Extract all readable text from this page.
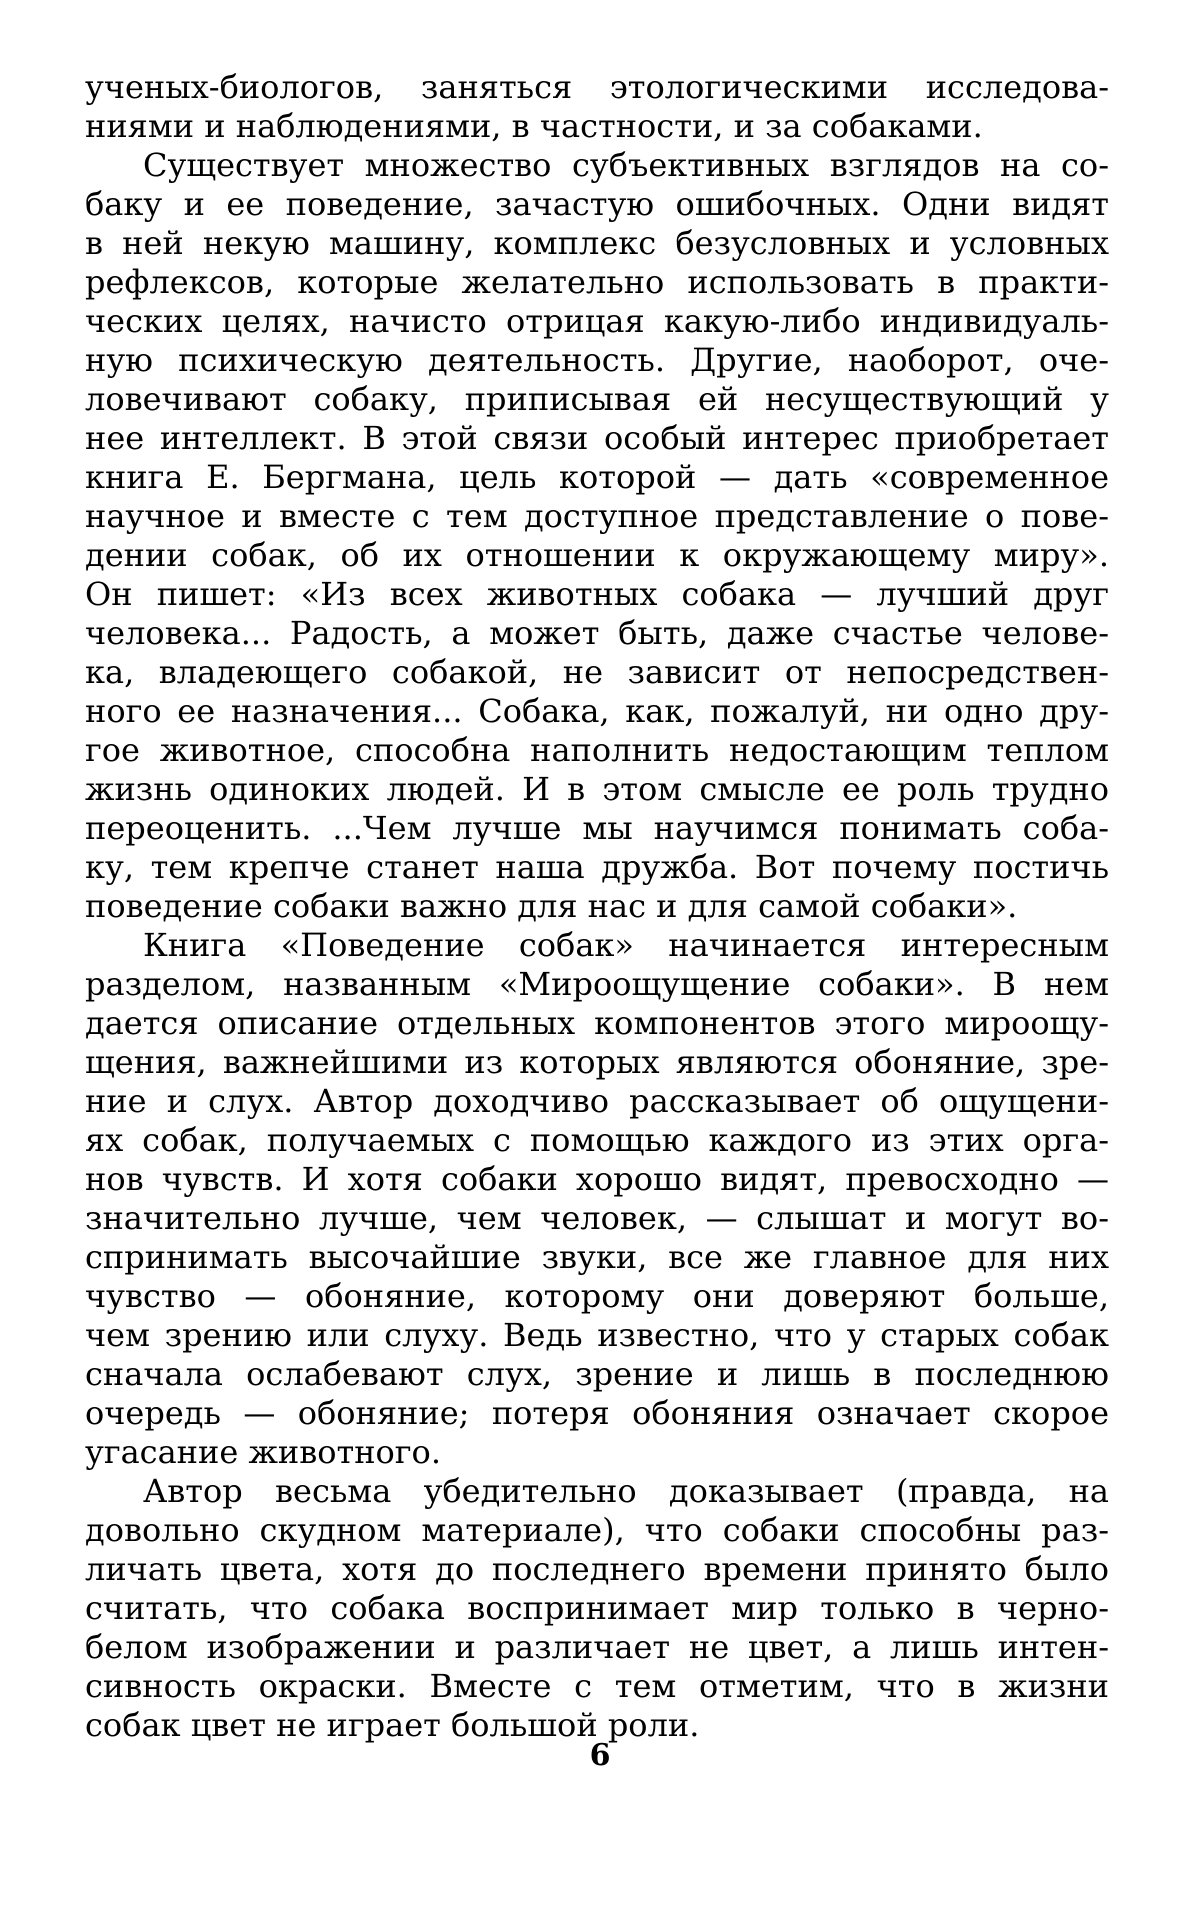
ученых-биологов, заняться этологическими исследова-
ниями и наблюдениями, в частности, и за собаками.
Существует множество субъективных взглядов на со-
баку и ее поведение, зачастую ошибочных. Одни видят
в ней некую машину, комплекс безусловных и условных
рефлексов, которые желательно использовать в практи-
ческих целях, начисто отрицая какую-либо индивидуаль-
ную психическую деятельность. Другие, наоборот, оче-
ловечивают собаку, приписывая ей несуществующий у
нее интеллект. В этой связи особый интерес приобретает
книга Е. Бергмана, цель которой — дать «современное
научное и вместе с тем доступное представление о пове-
дении собак, об их отношении к окружающему миру».
Он пишет: «Из всех животных собака — лучший друг
человека... Радость, а может быть, даже счастье челове-
ка, владеющего собакой, не зависит от непосредствен-
ного ее назначения... Собака, как, пожалуй, ни одно дру-
гое животное, способна наполнить недостающим теплом
жизнь одиноких людей. И в этом смысле ее роль трудно
переоценить. ...Чем лучше мы научимся понимать соба-
ку, тем крепче станет наша дружба. Вот почему постичь
поведение собаки важно для нас и для самой собаки».
Книга «Поведение собак» начинается интересным
разделом, названным «Мироощущение собаки». В нем
дается описание отдельных компонентов этого мироощу-
щения, важнейшими из которых являются обоняние, зре-
ние и слух. Автор доходчиво рассказывает об ощущени-
ях собак, получаемых с помощью каждого из этих орга-
нов чувств. И хотя собаки хорошо видят, превосходно —
значительно лучше, чем человек, — слышат и могут во-
спринимать высочайшие звуки, все же главное для них
чувство — обоняние, которому они доверяют больше,
чем зрению или слуху. Ведь известно, что у старых собак
сначала ослабевают слух, зрение и лишь в последнюю
очередь — обоняние; потеря обоняния означает скорое
угасание животного.
Автор весьма убедительно доказывает (правда, на
довольно скудном материале), что собаки способны раз-
личать цвета, хотя до последнего времени принято было
считать, что собака воспринимает мир только в черно-
белом изображении и различает не цвет, а лишь интен-
сивность окраски. Вместе с тем отметим, что в жизни
собак цвет не играет большой роли.
6
